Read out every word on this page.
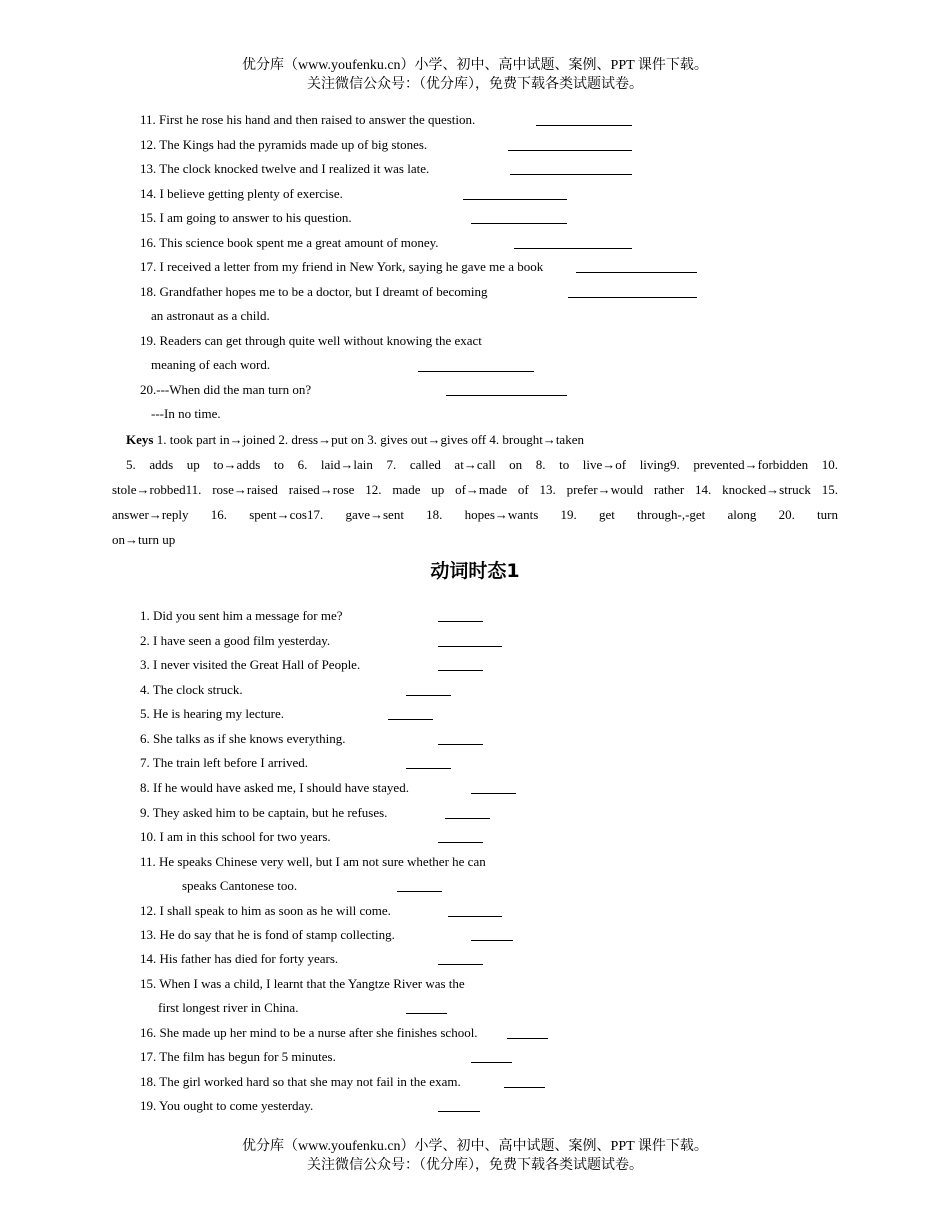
优分库（www.youfenku.cn）小学、初中、高中试题、案例、PPT 课件下载。
关注微信公众号：（优分库），免费下载各类试题试卷。
11. First he rose his hand and then raised to answer the question.
12. The Kings had the pyramids made up of big stones.
13. The clock knocked twelve and I realized it was late.
14. I believe getting plenty of exercise.
15. I am going to answer to his question.
16. This science book spent me a great amount of money.
17. I received a letter from my friend in New York, saying he gave me a book
18. Grandfather hopes me to be a doctor, but I dreamt of becoming
an astronaut as a child.
19. Readers can get through quite well without knowing the exact
meaning of each word.
20.---When did the man turn on?
---In no time.
Keys 1. took part in→joined 2. dress→put on 3. gives out→gives off 4. brought→taken
5. adds up to→adds to 6. laid→lain 7. called at→call on 8. to live→of living9. prevented→forbidden 10.
stole→robbed11. rose→raised raised→rose 12. made up of→made of 13. prefer→would rather 14. knocked→struck 15.
answer→reply 16. spent→cos17. gave→sent 18. hopes→wants 19. get through-,-get along 20. turn
on→turn up
动词时态1
1. Did you sent him a message for me?
2. I have seen a good film yesterday.
3. I never visited the Great Hall of People.
4. The clock struck.
5. He is hearing my lecture.
6. She talks as if she knows everything.
7. The train left before I arrived.
8. If he would have asked me, I should have stayed.
9. They asked him to be captain, but he refuses.
10. I am in this school for two years.
11. He speaks Chinese very well, but I am not sure whether he can
speaks Cantonese too.
12. I shall speak to him as soon as he will come.
13. He do say that he is fond of stamp collecting.
14. His father has died for forty years.
15. When I was a child, I learnt that the Yangtze River was the
first longest river in China.
16. She made up her mind to be a nurse after she finishes school.
17. The film has begun for 5 minutes.
18. The girl worked hard so that she may not fail in the exam.
19. You ought to come yesterday.
优分库（www.youfenku.cn）小学、初中、高中试题、案例、PPT 课件下载。
关注微信公众号：（优分库），免费下载各类试题试卷。
